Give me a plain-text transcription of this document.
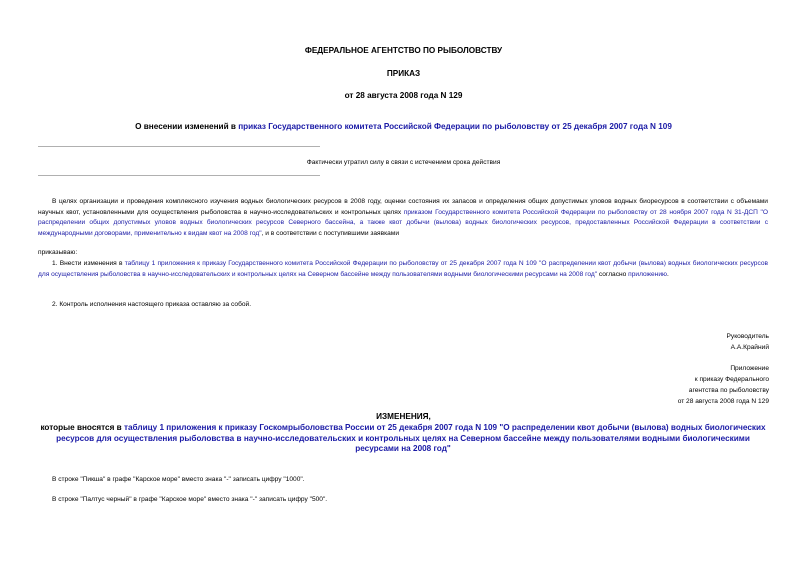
ФЕДЕРАЛЬНОЕ АГЕНТСТВО ПО РЫБОЛОВСТВУ
ПРИКАЗ
от 28 августа 2008 года N 129
О внесении изменений в приказ Государственного комитета Российской Федерации по рыболовству от 25 декабря 2007 года N 109
Фактически утратил силу в связи с истечением срока действия
В целях организации и проведения комплексного изучения водных биологических ресурсов в 2008 году, оценки состояния их запасов и определения общих допустимых уловов водных биоресурсов в соответствии с объемами научных квот, установленными для осуществления рыболовства в научно-исследовательских и контрольных целях приказом Государственного комитета Российской Федерации по рыболовству от 28 ноября 2007 года N 31-ДСП "О распределении общих допустимых уловов водных биологических ресурсов Северного бассейна, а также квот добычи (вылова) водных биологических ресурсов, предоставленных Российской Федерации в соответствии с международными договорами, применительно к видам квот на 2008 год", и в соответствии с поступившими заявками
приказываю:
1. Внести изменения в таблицу 1 приложения к приказу Государственного комитета Российской Федерации по рыболовству от 25 декабря 2007 года N 109 "О распределении квот добычи (вылова) водных биологических ресурсов для осуществления рыболовства в научно-исследовательских и контрольных целях на Северном бассейне между пользователями водными биологическими ресурсами на 2008 год" согласно приложению.
2. Контроль исполнения настоящего приказа оставляю за собой.
Руководитель
А.А.Крайний
Приложение
к приказу Федерального
агентства по рыболовству
от 28 августа 2008 года N 129
ИЗМЕНЕНИЯ,
которые вносятся в таблицу 1 приложения к приказу Госкомрыболовства России от 25 декабря 2007 года N 109 "О распределении квот добычи (вылова) водных биологических ресурсов для осуществления рыболовства в научно-исследовательских и контрольных целях на Северном бассейне между пользователями водными биологическими ресурсами на 2008 год"
В строке "Пикша" в графе "Карское море" вместо знака "-" записать цифру "1000".
В строке "Палтус черный" в графе "Карское море" вместо знака "-" записать цифру "500".
